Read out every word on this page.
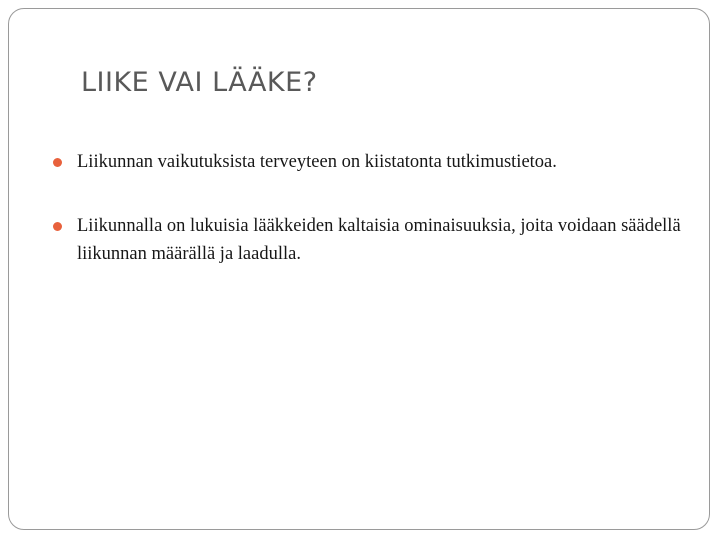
LIIKE VAI LÄÄKE?
Liikunnan vaikutuksista terveyteen on kiistatonta tutkimustietoa.
Liikunnalla on lukuisia lääkkeiden kaltaisia ominaisuuksia, joita voidaan säädellä liikunnan määrällä ja laadulla.
